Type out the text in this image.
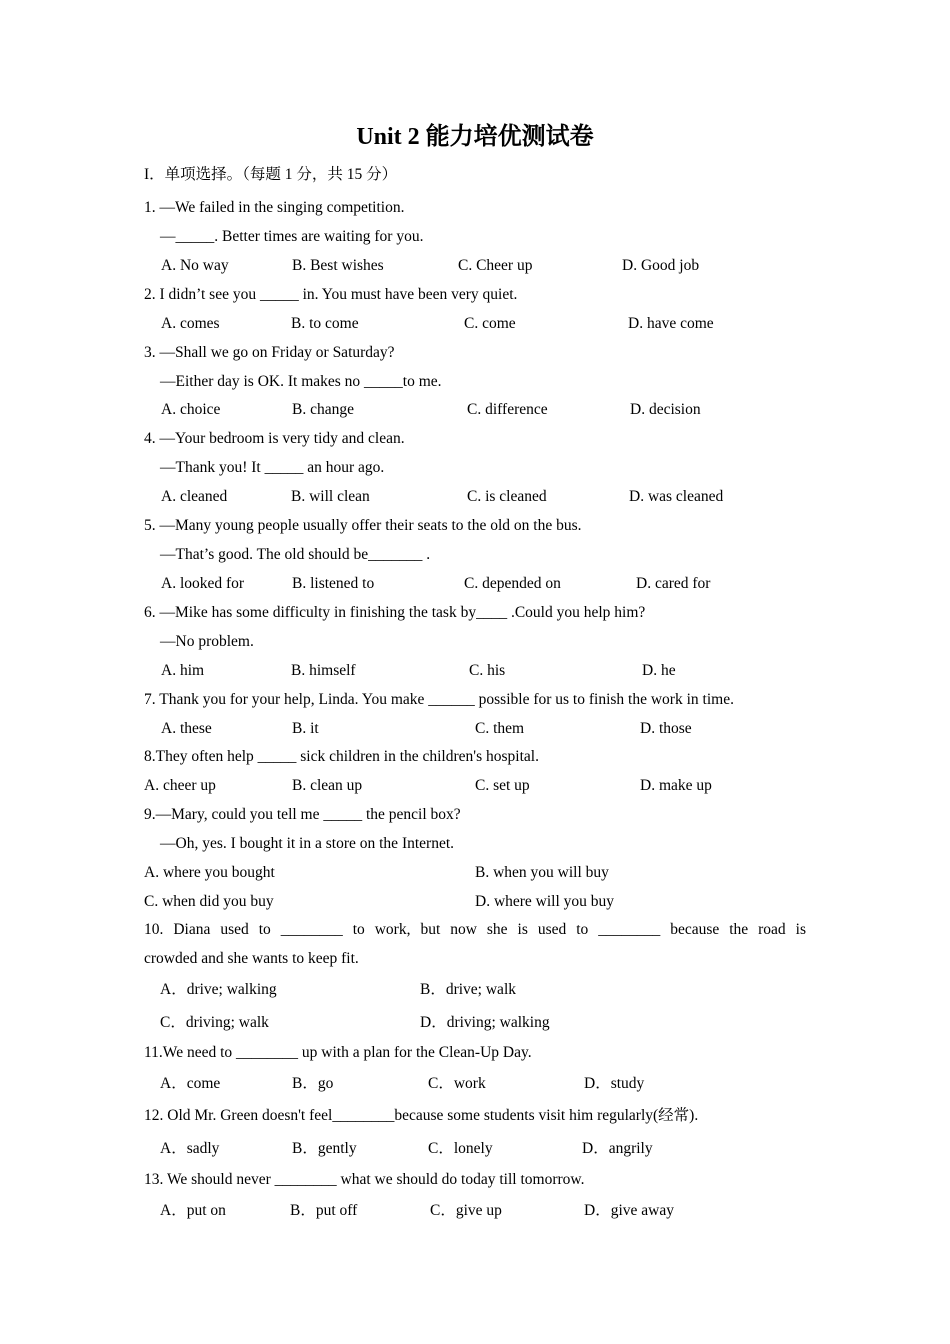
Unit 2 能力培优测试卷
I．单项选择。（每题 1 分，共 15 分）
1. —We failed in the singing competition.
—_____. Better times are waiting for you.
A. No way	B. Best wishes	C. Cheer up	D. Good job
2. I didn’t see you _____ in. You must have been very quiet.
A. comes	B. to come	C. come	D. have come
3. —Shall we go on Friday or Saturday?
—Either day is OK. It makes no _____to me.
A. choice	B. change	C. difference	D. decision
4. —Your bedroom is very tidy and clean.
—Thank you! It _____ an hour ago.
A. cleaned	B. will clean	C. is cleaned	D. was cleaned
5. —Many young people usually offer their seats to the old on the bus.
—That’s good. The old should be_______ .
A. looked for	B. listened to	C. depended on	D. cared for
6. —Mike has some difficulty in finishing the task by____ .Could you help him?
—No problem.
A. him	B. himself	C. his	D. he
7. Thank you for your help, Linda. You make ______ possible for us to finish the work in time.
A. these	B. it	C. them	D. those
8.They often help _____ sick children in the children's hospital.
A. cheer up	B. clean up	C. set up	D. make up
9.—Mary, could you tell me _____ the pencil box?
—Oh, yes. I bought it in a store on the Internet.
A. where you bought	B. when you will buy
C. when did you buy	D. where will you buy
10. Diana used to ________ to work, but now she is used to ________ because the road is
crowded and she wants to keep fit.
A．drive; walking	B．drive; walk
C．driving; walk	D．driving; walking
11.We need to ________ up with a plan for the Clean-Up Day.
A．come	B．go	C．work	D．study
12. Old Mr. Green doesn't feel________because some students visit him regularly(经常).
A．sadly	B．gently	C．lonely	D．angrily
13. We should never ________ what we should do today till tomorrow.
A．put on	B．put off	C．give up	D．give away
